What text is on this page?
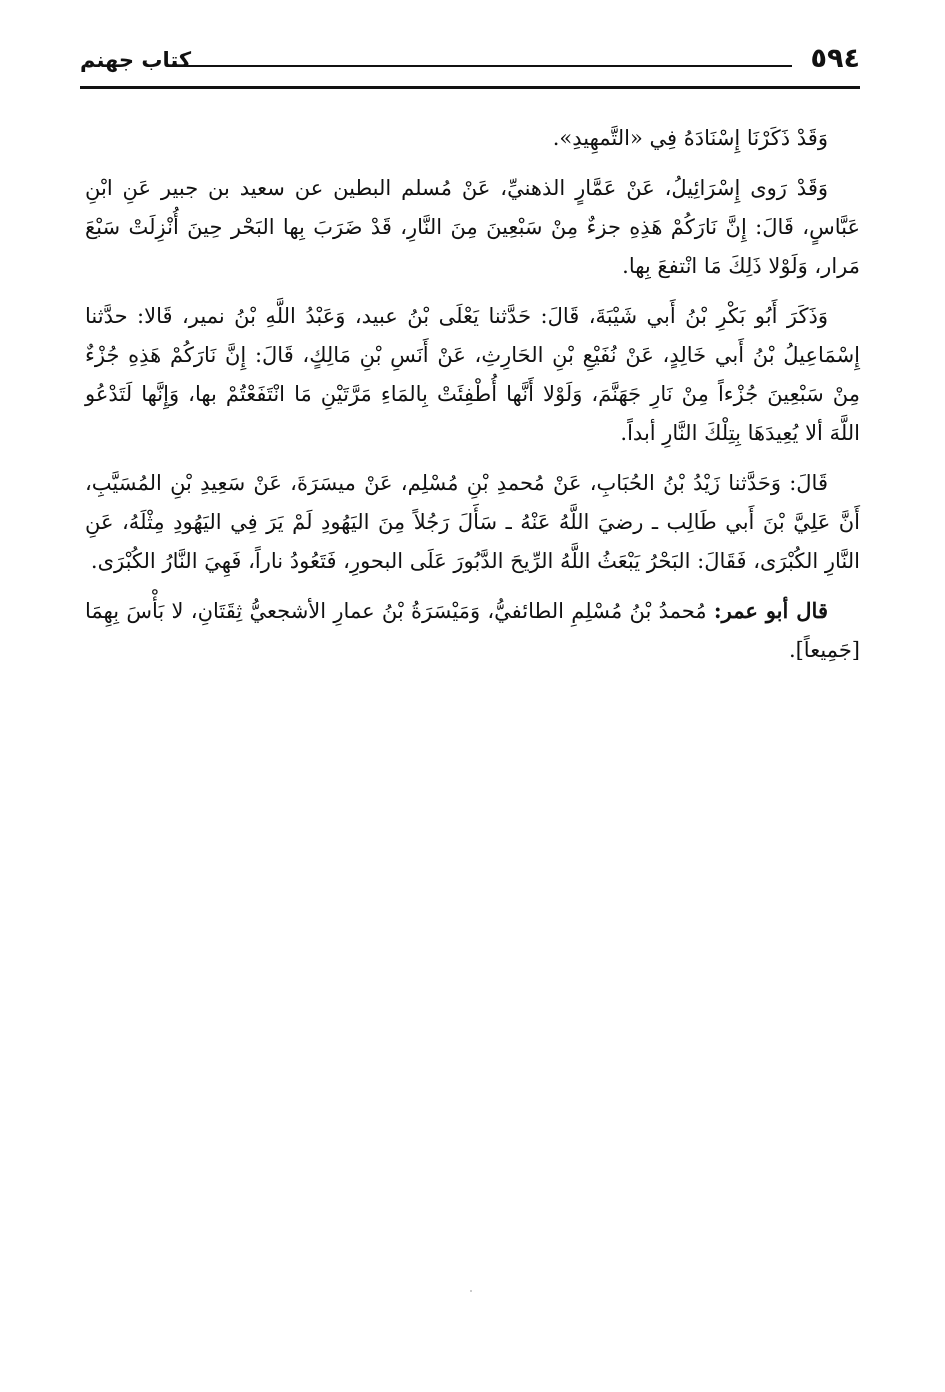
٥٩٤
كتاب جهنم

وَقَدْ ذَكَرْنَا إِسْنَادَهُ فِي «التَّمهِيدِ».

وَقَدْ رَوى إِسْرَائِيلُ، عَنْ عَمَّارٍ الذهنيِّ، عَنْ مُسلم البطين عن سعيد بن جبير عَنِ ابْنِ عَبَّاسٍ، قَالَ: إِنَّ نَارَكُمْ هَذِهِ جزءٌ مِنْ سَبْعِينَ مِنَ النَّارِ، قَدْ ضَرَبَ بِها البَحْر حِينَ أُنْزِلَتْ سَبْعَ مَرار، وَلَوْلا ذَلِكَ مَا انْتفعَ بِها.

وَذَكَرَ أَبُو بَكْرِ بْنُ أَبي شَيْبَةَ، قَالَ: حَدَّثنا يَعْلَى بْنُ عبيد، وَعَبْدُ اللَّهِ بْنُ نمير، قَالا: حدَّثنا إِسْمَاعِيلُ بْنُ أَبي خَالِدٍ، عَنْ نُفَيْعِ بْنِ الحَارِثِ، عَنْ أَنَسِ بْنِ مَالِكٍ، قَالَ: إِنَّ نَارَكُمْ هَذِهِ جُزْءٌ مِنْ سَبْعِينَ جُزْءاً مِنْ نَارِ جَهَنَّمَ، وَلَوْلا أَنَّها أُطْفِئَتْ بِالمَاءِ مَرَّتَيْنِ مَا انْتَفَعْتُمْ بها، وَإِنَّها لَتَدْعُو اللَّهَ ألا يُعِيدَهَا بِتِلْكَ النَّارِ أبداً.

قَالَ: وَحَدَّثنا زَيْدُ بْنُ الحُبَابِ، عَنْ مُحمدِ بْنِ مُسْلِم، عَنْ ميسَرَةَ، عَنْ سَعِيدِ بْنِ المُسَيَّبِ، أَنَّ عَلِيَّ بْنَ أَبي طَالِب ـ رضيَ اللَّهُ عَنْهُ ـ سَأَلَ رَجُلاً مِنَ اليَهُودِ لَمْ يَرَ فِي اليَهُودِ مِثْلَهُ، عَنِ النَّارِ الكُبْرَى، فَقَالَ: البَحْرُ يَبْعَثُ اللَّهُ الرِّيحَ الدَّبُورَ عَلَى البحورِ، فَتَعُودُ ناراً، فَهِيَ النَّارُ الكُبْرَى.

قال أبو عمر: مُحمدُ بْنُ مُسْلِمِ الطائفيُّ، وَمَيْسَرَةُ بْنُ عمارِ الأشجعيُّ ثِقَتَانِ، لا بَأْسَ بِهِمَا [جَمِيعاً].
